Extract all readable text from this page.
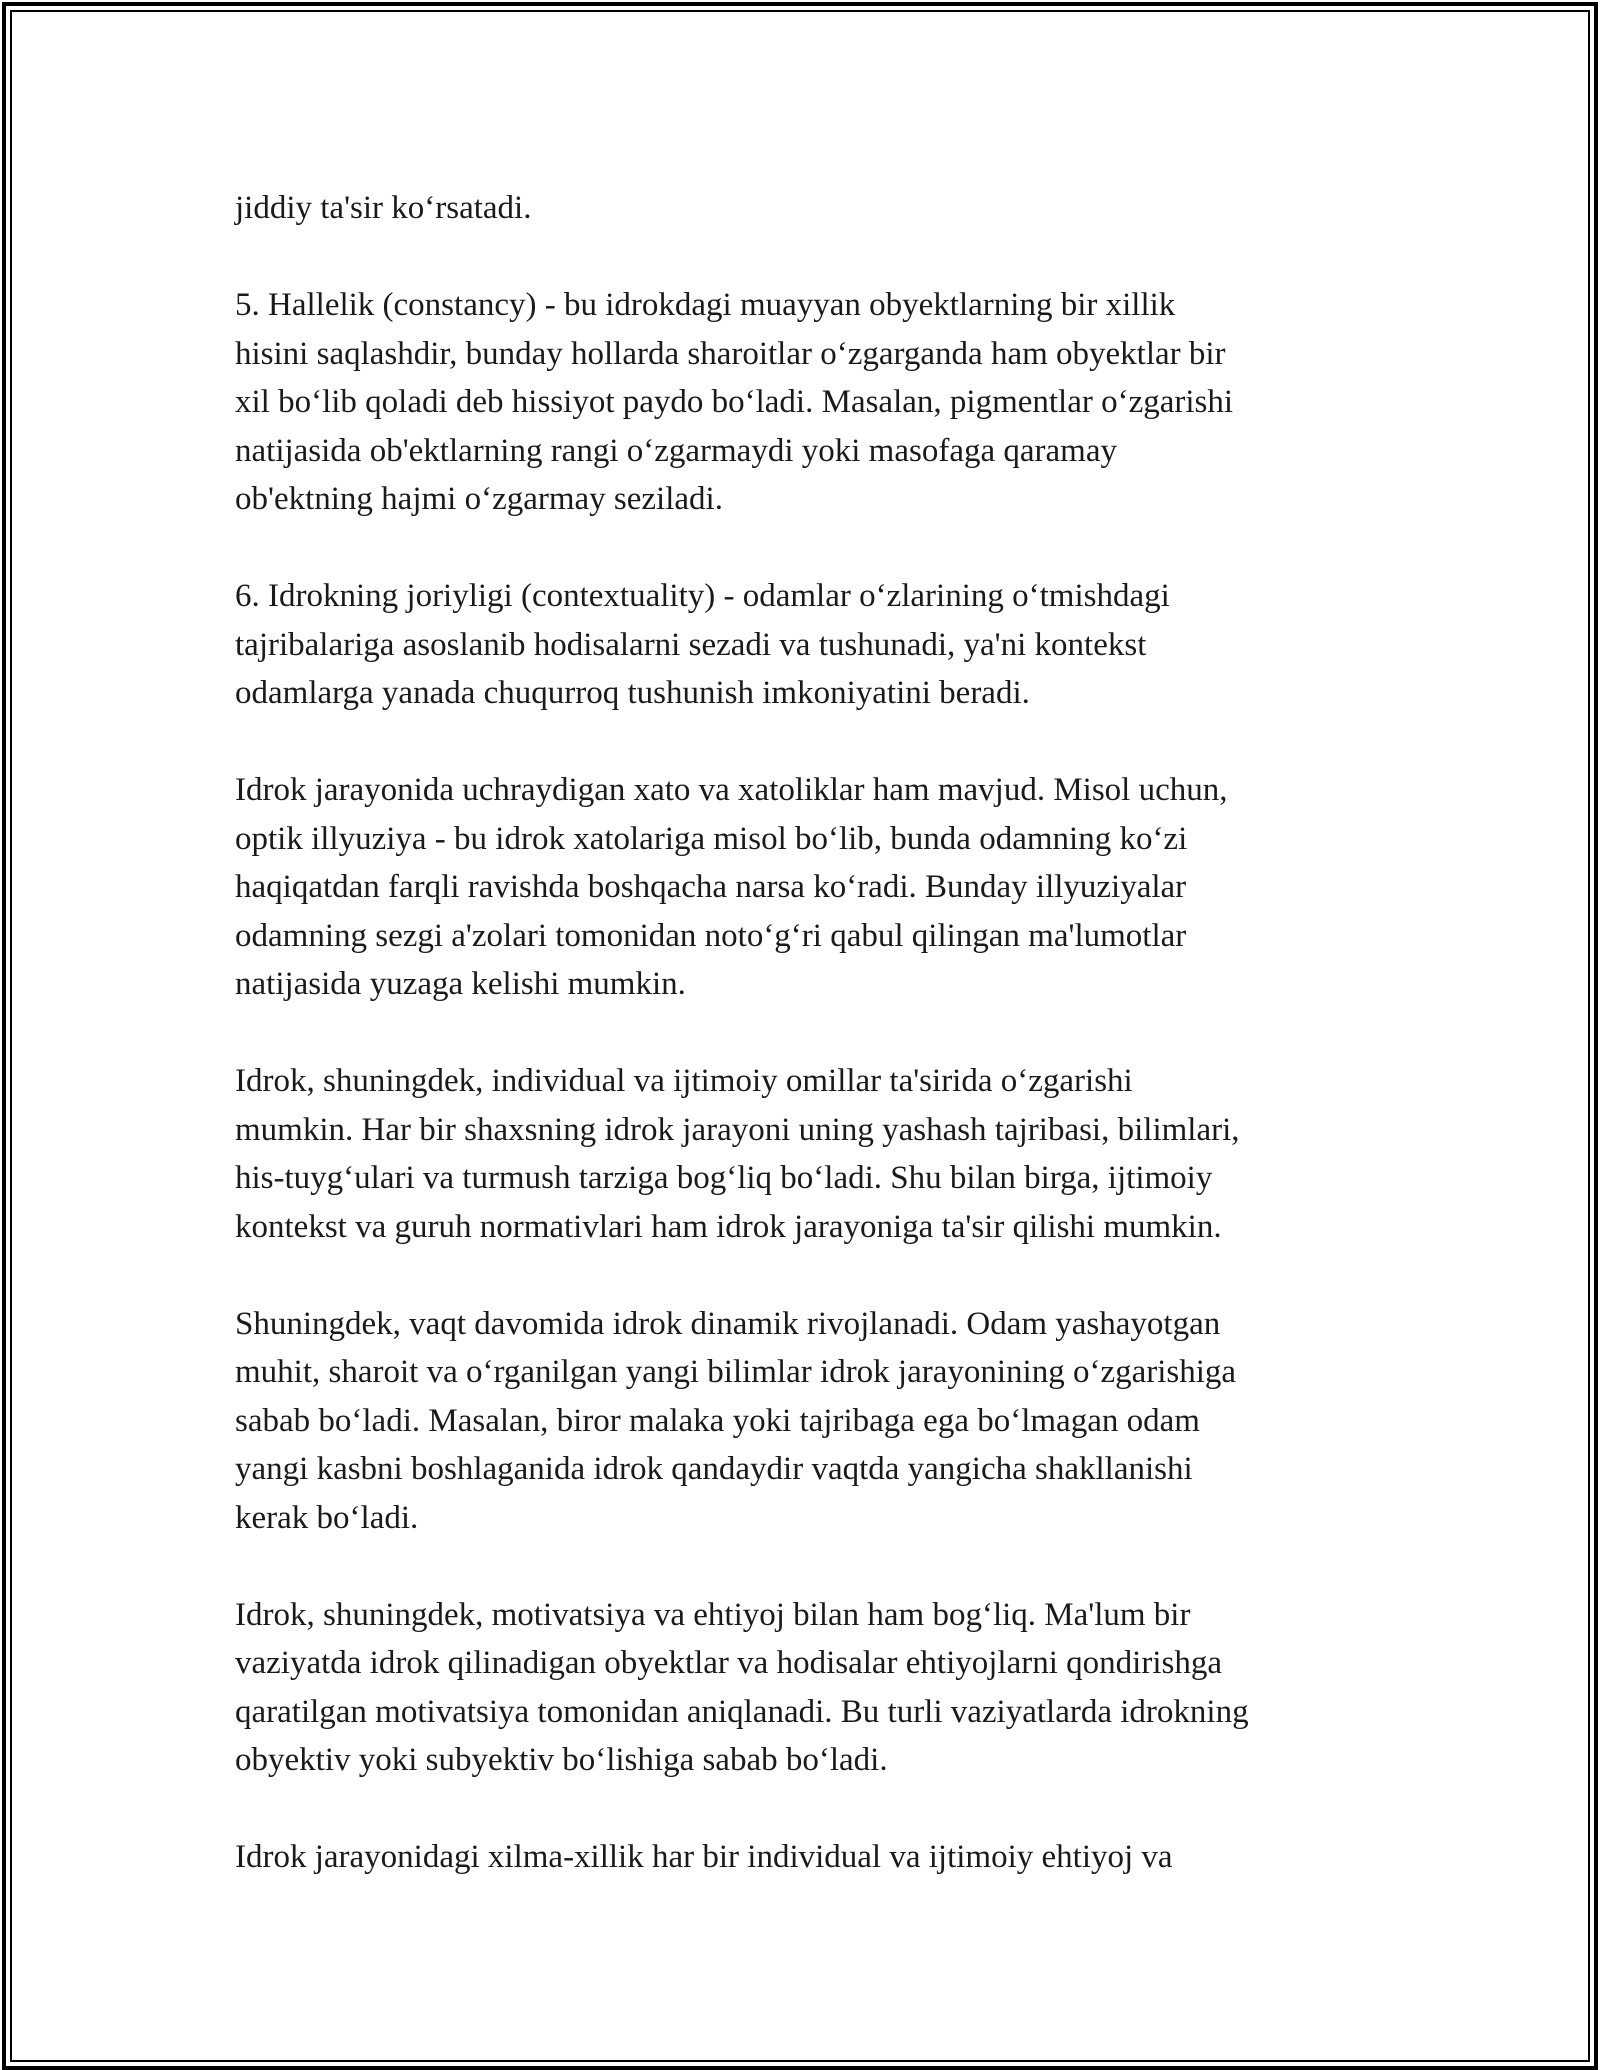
jiddiy ta'sir ko‘rsatadi.

5. Hallelik (constancy) - bu idrokdagi muayyan obyektlarning bir xillik
hisini saqlashdir, bunday hollarda sharoitlar o‘zgarganda ham obyektlar bir
xil bo‘lib qoladi deb hissiyot paydo bo‘ladi. Masalan, pigmentlar o‘zgarishi
natijasida ob'ektlarning rangi o‘zgarmaydi yoki masofaga qaramay
ob'ektning hajmi o‘zgarmay seziladi.

6. Idrokning joriyligi (contextuality) - odamlar o‘zlarining o‘tmishdagi
tajribalariga asoslanib hodisalarni sezadi va tushunadi, ya'ni kontekst
odamlarga yanada chuqurroq tushunish imkoniyatini beradi.

Idrok jarayonida uchraydigan xato va xatoliklar ham mavjud. Misol uchun,
optik illyuziya - bu idrok xatolariga misol bo‘lib, bunda odamning ko‘zi
haqiqatdan farqli ravishda boshqacha narsa ko‘radi. Bunday illyuziyalar
odamning sezgi a'zolari tomonidan noto‘g‘ri qabul qilingan ma'lumotlar
natijasida yuzaga kelishi mumkin.

Idrok, shuningdek, individual va ijtimoiy omillar ta'sirida o‘zgarishi
mumkin. Har bir shaxsning idrok jarayoni uning yashash tajribasi, bilimlari,
his-tuyg‘ulari va turmush tarziga bog‘liq bo‘ladi. Shu bilan birga, ijtimoiy
kontekst va guruh normativlari ham idrok jarayoniga ta'sir qilishi mumkin.

Shuningdek, vaqt davomida idrok dinamik rivojlanadi. Odam yashayotgan
muhit, sharoit va o‘rganilgan yangi bilimlar idrok jarayonining o‘zgarishiga
sabab bo‘ladi. Masalan, biror malaka yoki tajribaga ega bo‘lmagan odam
yangi kasbni boshlaganida idrok qandaydir vaqtda yangicha shakllanishi
kerak bo‘ladi.

Idrok, shuningdek, motivatsiya va ehtiyoj bilan ham bog‘liq. Ma'lum bir
vaziyatda idrok qilinadigan obyektlar va hodisalar ehtiyojlarni qondirishga
qaratilgan motivatsiya tomonidan aniqlanadi. Bu turli vaziyatlarda idrokning
obyektiv yoki subyektiv bo‘lishiga sabab bo‘ladi.

Idrok jarayonidagi xilma-xillik har bir individual va ijtimoiy ehtiyoj va
